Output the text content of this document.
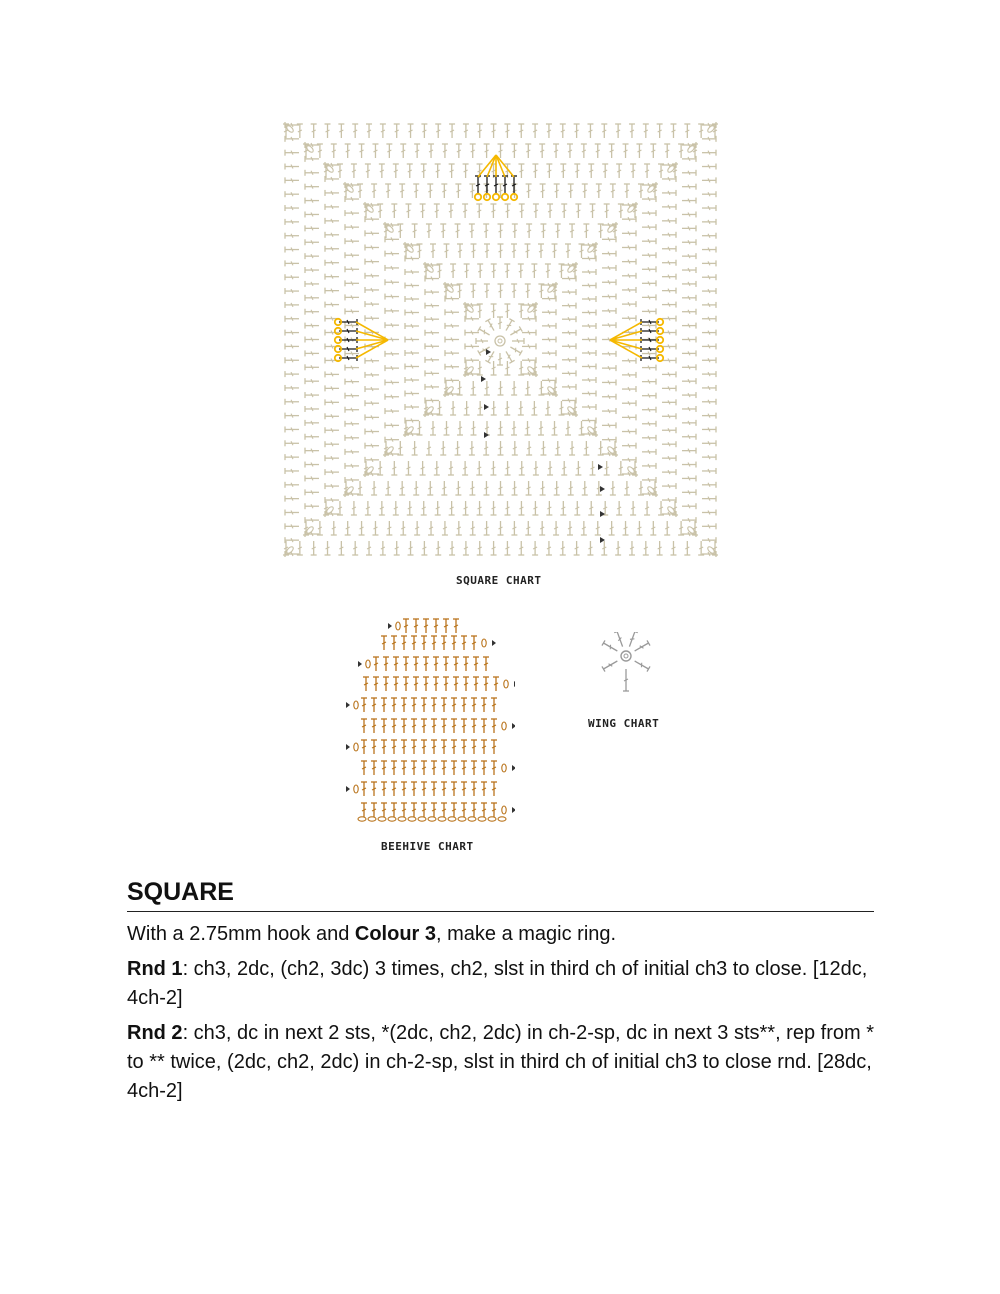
SQUARE CHART
BEEHIVE CHART
WING CHART
SQUARE

With a 2.75mm hook and Colour 3, make a magic ring.

Rnd 1: ch3, 2dc, (ch2, 3dc) 3 times, ch2, slst in third ch of initial ch3 to close. [12dc, 4ch-2]

Rnd 2: ch3, dc in next 2 sts, *(2dc, ch2, 2dc) in ch-2-sp, dc in next 3 sts**, rep from * to ** twice, (2dc, ch2, 2dc) in ch-2-sp, slst in third ch of initial ch3 to close rnd. [28dc, 4ch-2]
